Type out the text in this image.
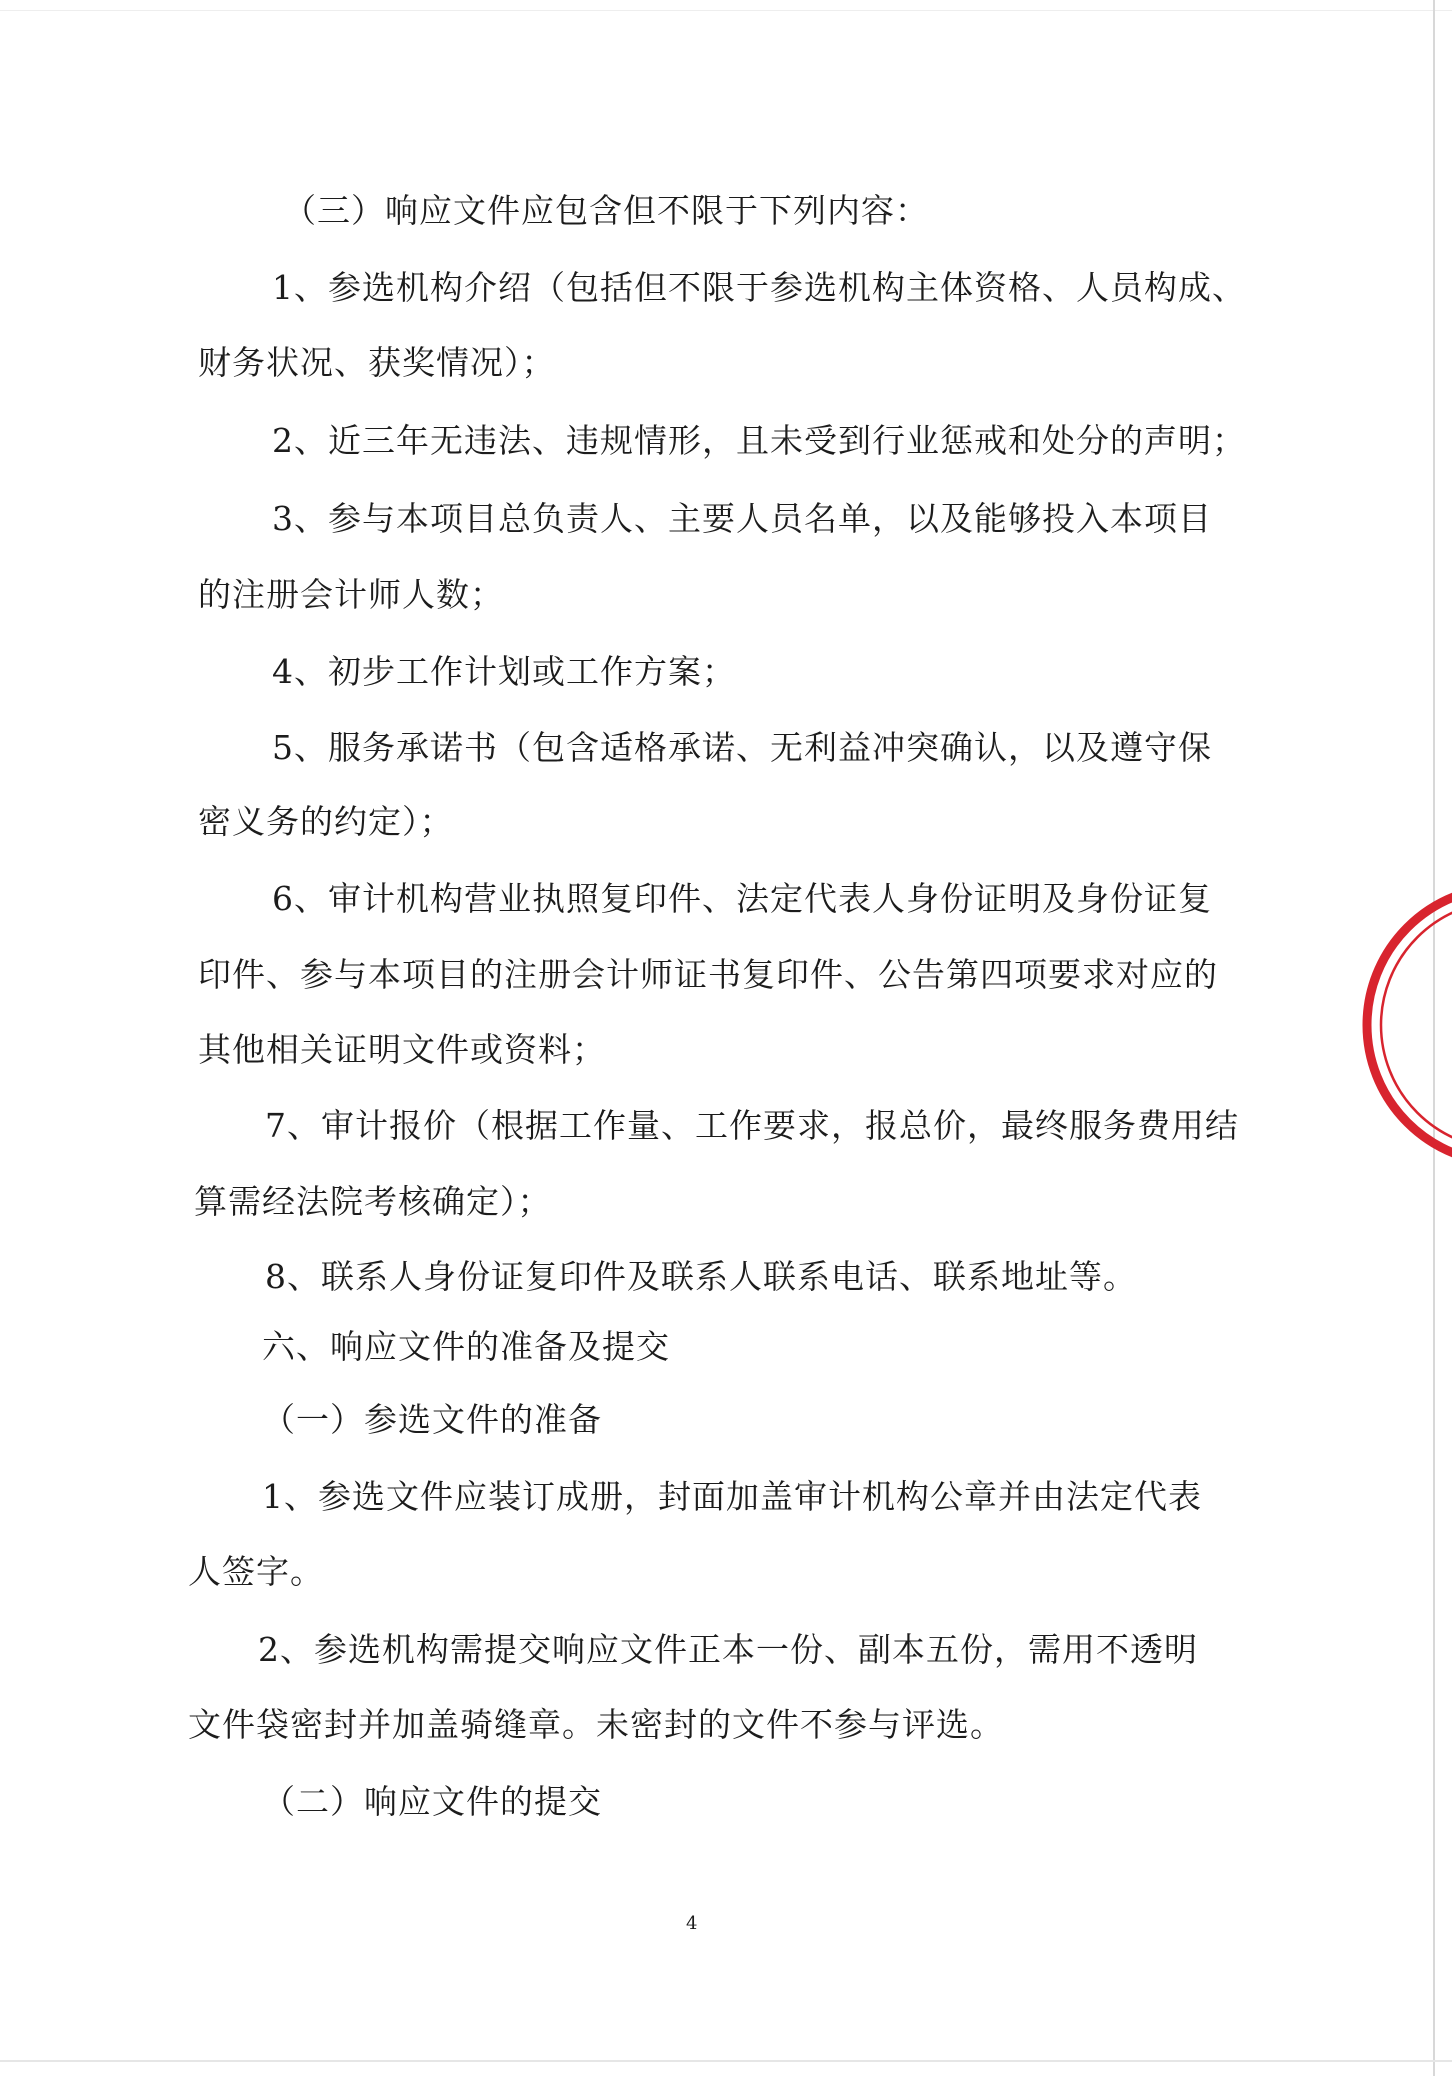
（三）响应文件应包含但不限于下列内容：

1、参选机构介绍（包括但不限于参选机构主体资格、人员构成、

财务状况、获奖情况）；

2、近三年无违法、违规情形，且未受到行业惩戒和处分的声明；

3、参与本项目总负责人、主要人员名单，以及能够投入本项目

的注册会计师人数；

4、初步工作计划或工作方案；

5、服务承诺书（包含适格承诺、无利益冲突确认，以及遵守保

密义务的约定）；

6、审计机构营业执照复印件、法定代表人身份证明及身份证复

印件、参与本项目的注册会计师证书复印件、公告第四项要求对应的

其他相关证明文件或资料；

7、审计报价（根据工作量、工作要求，报总价，最终服务费用结

算需经法院考核确定）；

8、联系人身份证复印件及联系人联系电话、联系地址等。

六、响应文件的准备及提交

（一）参选文件的准备

1、参选文件应装订成册，封面加盖审计机构公章并由法定代表

人签字。

2、参选机构需提交响应文件正本一份、副本五份，需用不透明

文件袋密封并加盖骑缝章。未密封的文件不参与评选。

（二）响应文件的提交

4
